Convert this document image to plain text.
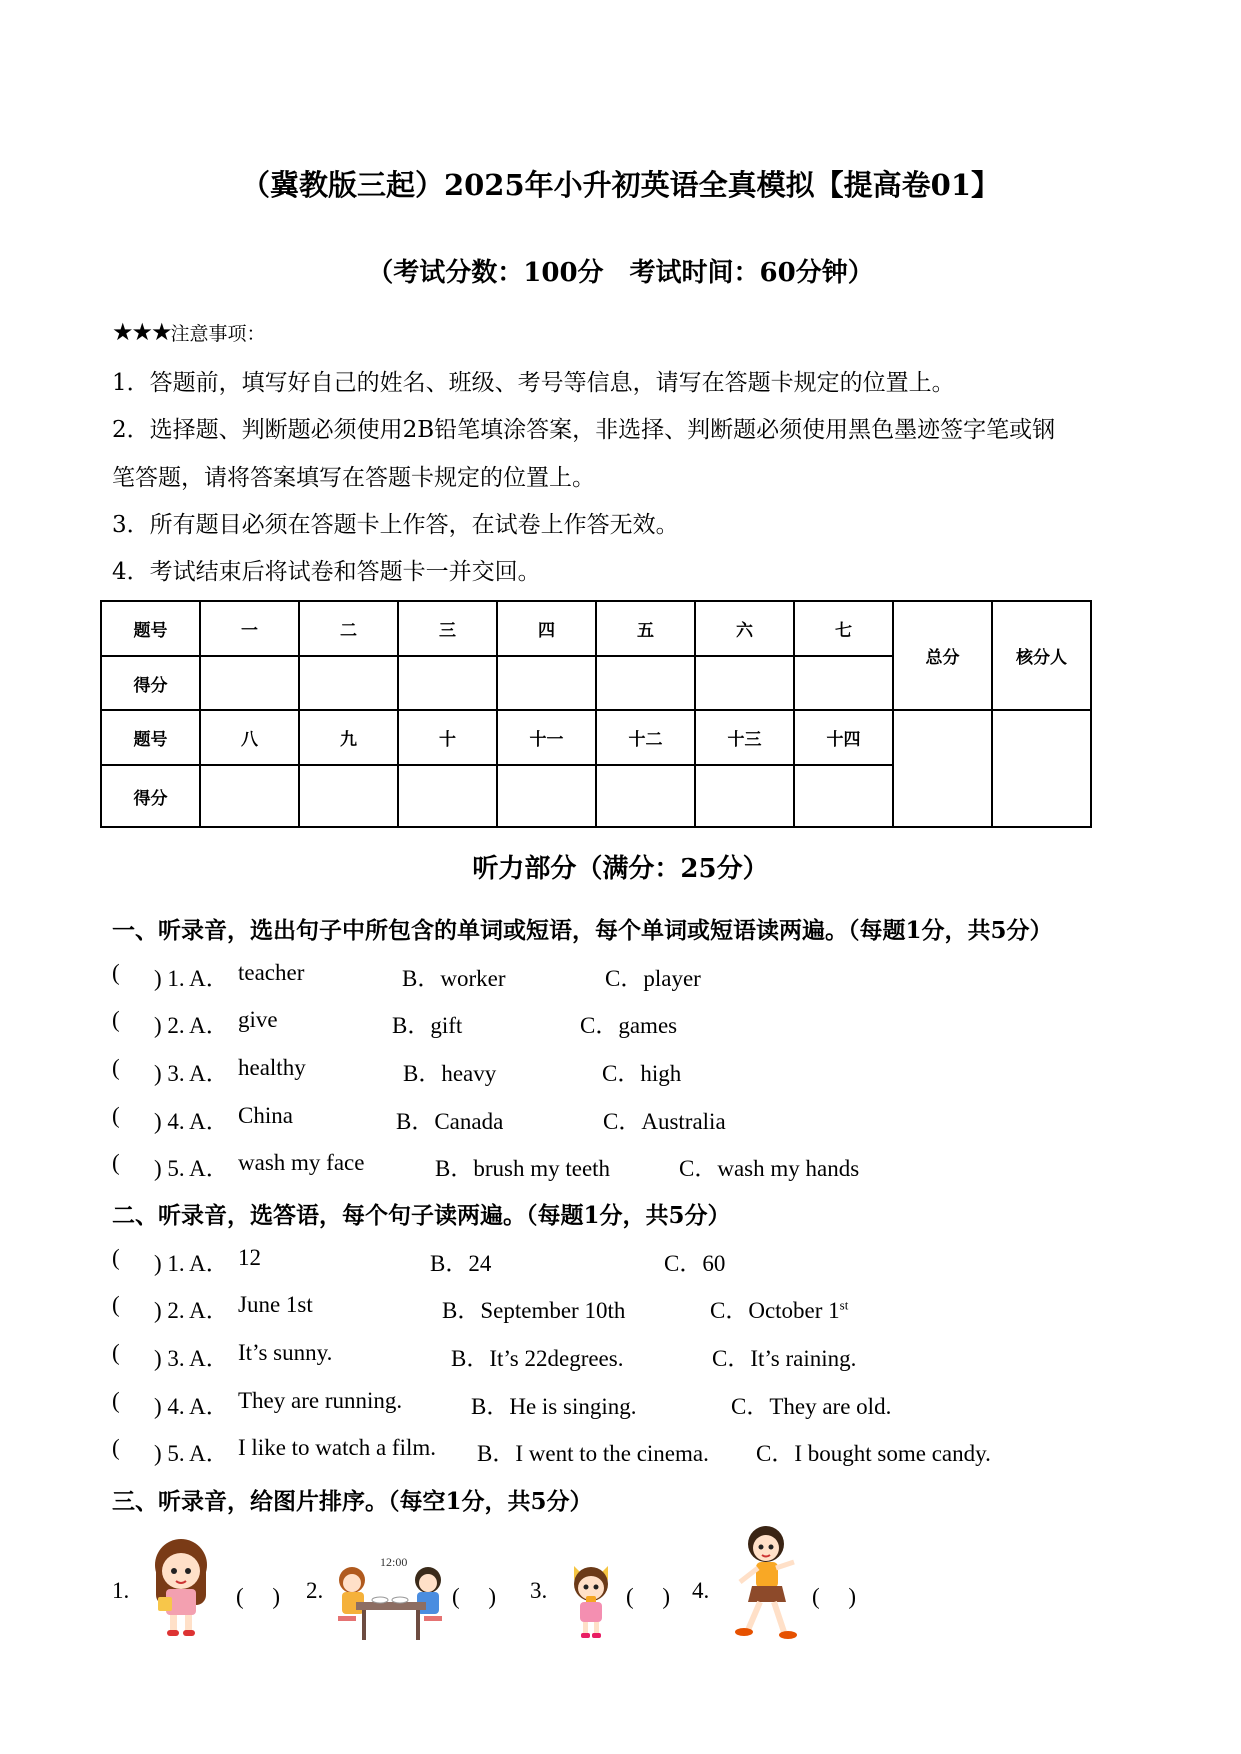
（冀教版三起）2025年小升初英语全真模拟【提高卷01】
（考试分数：100分　考试时间：60分钟）
★★★注意事项：
1．答题前，填写好自己的姓名、班级、考号等信息，请写在答题卡规定的位置上。
2．选择题、判断题必须使用2B铅笔填涂答案，非选择、判断题必须使用黑色墨迹签字笔或钢
笔答题，请将答案填写在答题卡规定的位置上。
3．所有题目必须在答题卡上作答，在试卷上作答无效。
4．考试结束后将试卷和答题卡一并交回。
题号	一	二	三	四	五	六	七	总分	核分人
得分									
题号	八	九	十	十一	十二	十三	十四		
得分									
听力部分（满分：25分）
一、听录音，选出句子中所包含的单词或短语，每个单词或短语读两遍。（每题1分，共5分）
( ) 1. A． teacher	B．worker	C．player
( ) 2. A． give	B．gift	C．games
( ) 3. A． healthy	B．heavy	C．high
( ) 4. A． China	B．Canada	C．Australia
( ) 5. A． wash my face	B．brush my teeth	C．wash my hands
二、听录音，选答语，每个句子读两遍。（每题1分，共5分）
( ) 1. A． 12	B．24	C．60
( ) 2. A． June 1st	B．September 10th	C．October 1st
( ) 3. A． It’s sunny.	B．It’s 22degrees.	C．It’s raining.
( ) 4. A． They are running.	B．He is singing.	C．They are old.
( ) 5. A． I like to watch a film. B．I went to the cinema. C．I bought some candy.
三、听录音，给图片排序。（每空1分，共5分）
1.	(　 ) 2.
12:00
(　 ) 3.	(　 ) 4.	(　 )
